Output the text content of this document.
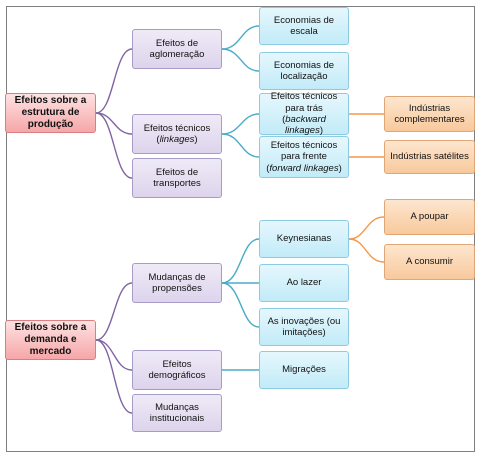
Efeitos sobre a estrutura de produção
Efeitos de aglomeração
Efeitos técnicos (linkages)
Efeitos de transportes
Economias de escala
Economias de localização
Efeitos técnicos para trás (backward linkages)
Efeitos técnicos para frente (forward linkages)
Indústrias complementares
Indústrias satélites
Efeitos sobre a demanda e mercado
Mudanças de propensões
Efeitos demográficos
Mudanças institucionais
Keynesianas
Ao lazer
As inovações (ou imitações)
Migrações
A poupar
A consumir
